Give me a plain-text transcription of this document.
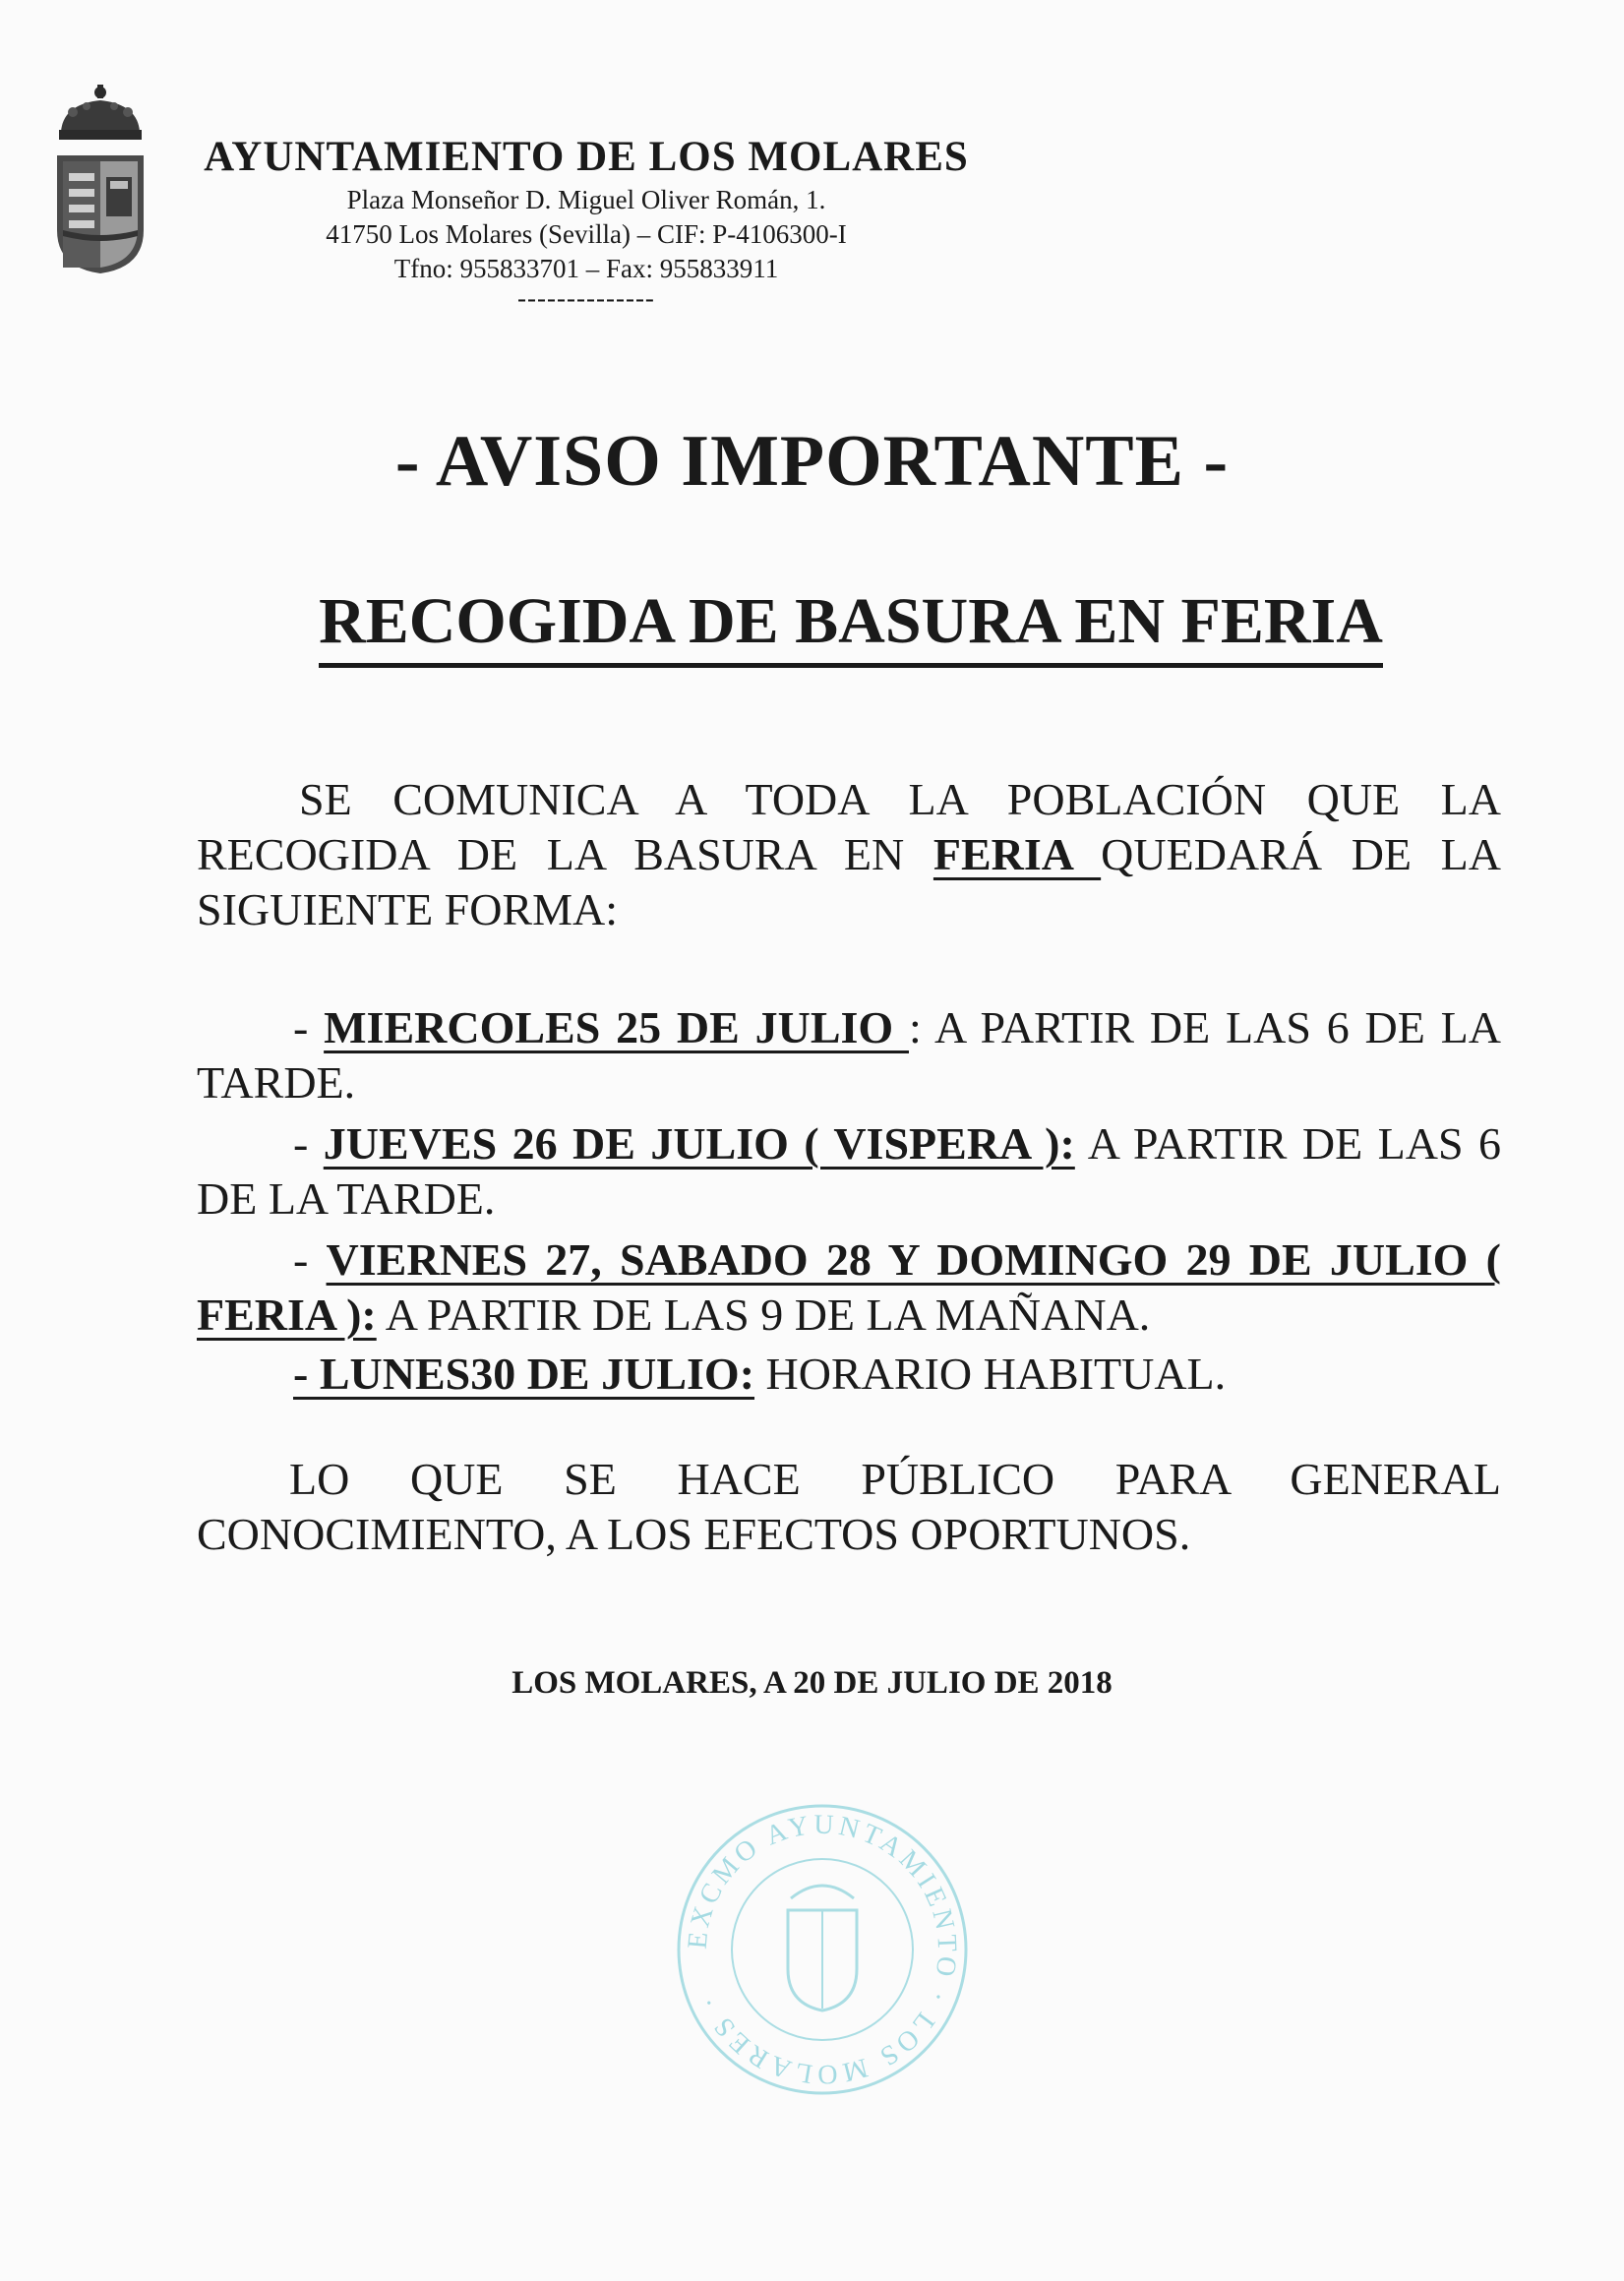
AYUNTAMIENTO DE LOS MOLARES
Plaza Monseñor D. Miguel Oliver Román, 1.
41750 Los Molares (Sevilla) – CIF: P-4106300-I
Tfno: 955833701 – Fax: 955833911
--------------
- AVISO IMPORTANTE -
RECOGIDA DE BASURA EN FERIA
SE COMUNICA A TODA LA POBLACIÓN QUE LA RECOGIDA DE LA BASURA EN FERIA QUEDARÁ DE LA SIGUIENTE FORMA:
- MIERCOLES 25 DE JULIO : A PARTIR DE LAS 6 DE LA TARDE.
- JUEVES 26 DE JULIO ( VISPERA ): A PARTIR DE LAS 6 DE LA TARDE.
- VIERNES 27, SABADO 28 Y DOMINGO 29 DE JULIO ( FERIA ): A PARTIR DE LAS 9 DE LA MAÑANA.
- LUNES30 DE JULIO: HORARIO HABITUAL.
LO QUE SE HACE PÚBLICO PARA GENERAL CONOCIMIENTO, A LOS EFECTOS OPORTUNOS.
LOS MOLARES, A 20 DE JULIO DE 2018
EXCMO AYUNTAMIENTO · LOS MOLARES ·
